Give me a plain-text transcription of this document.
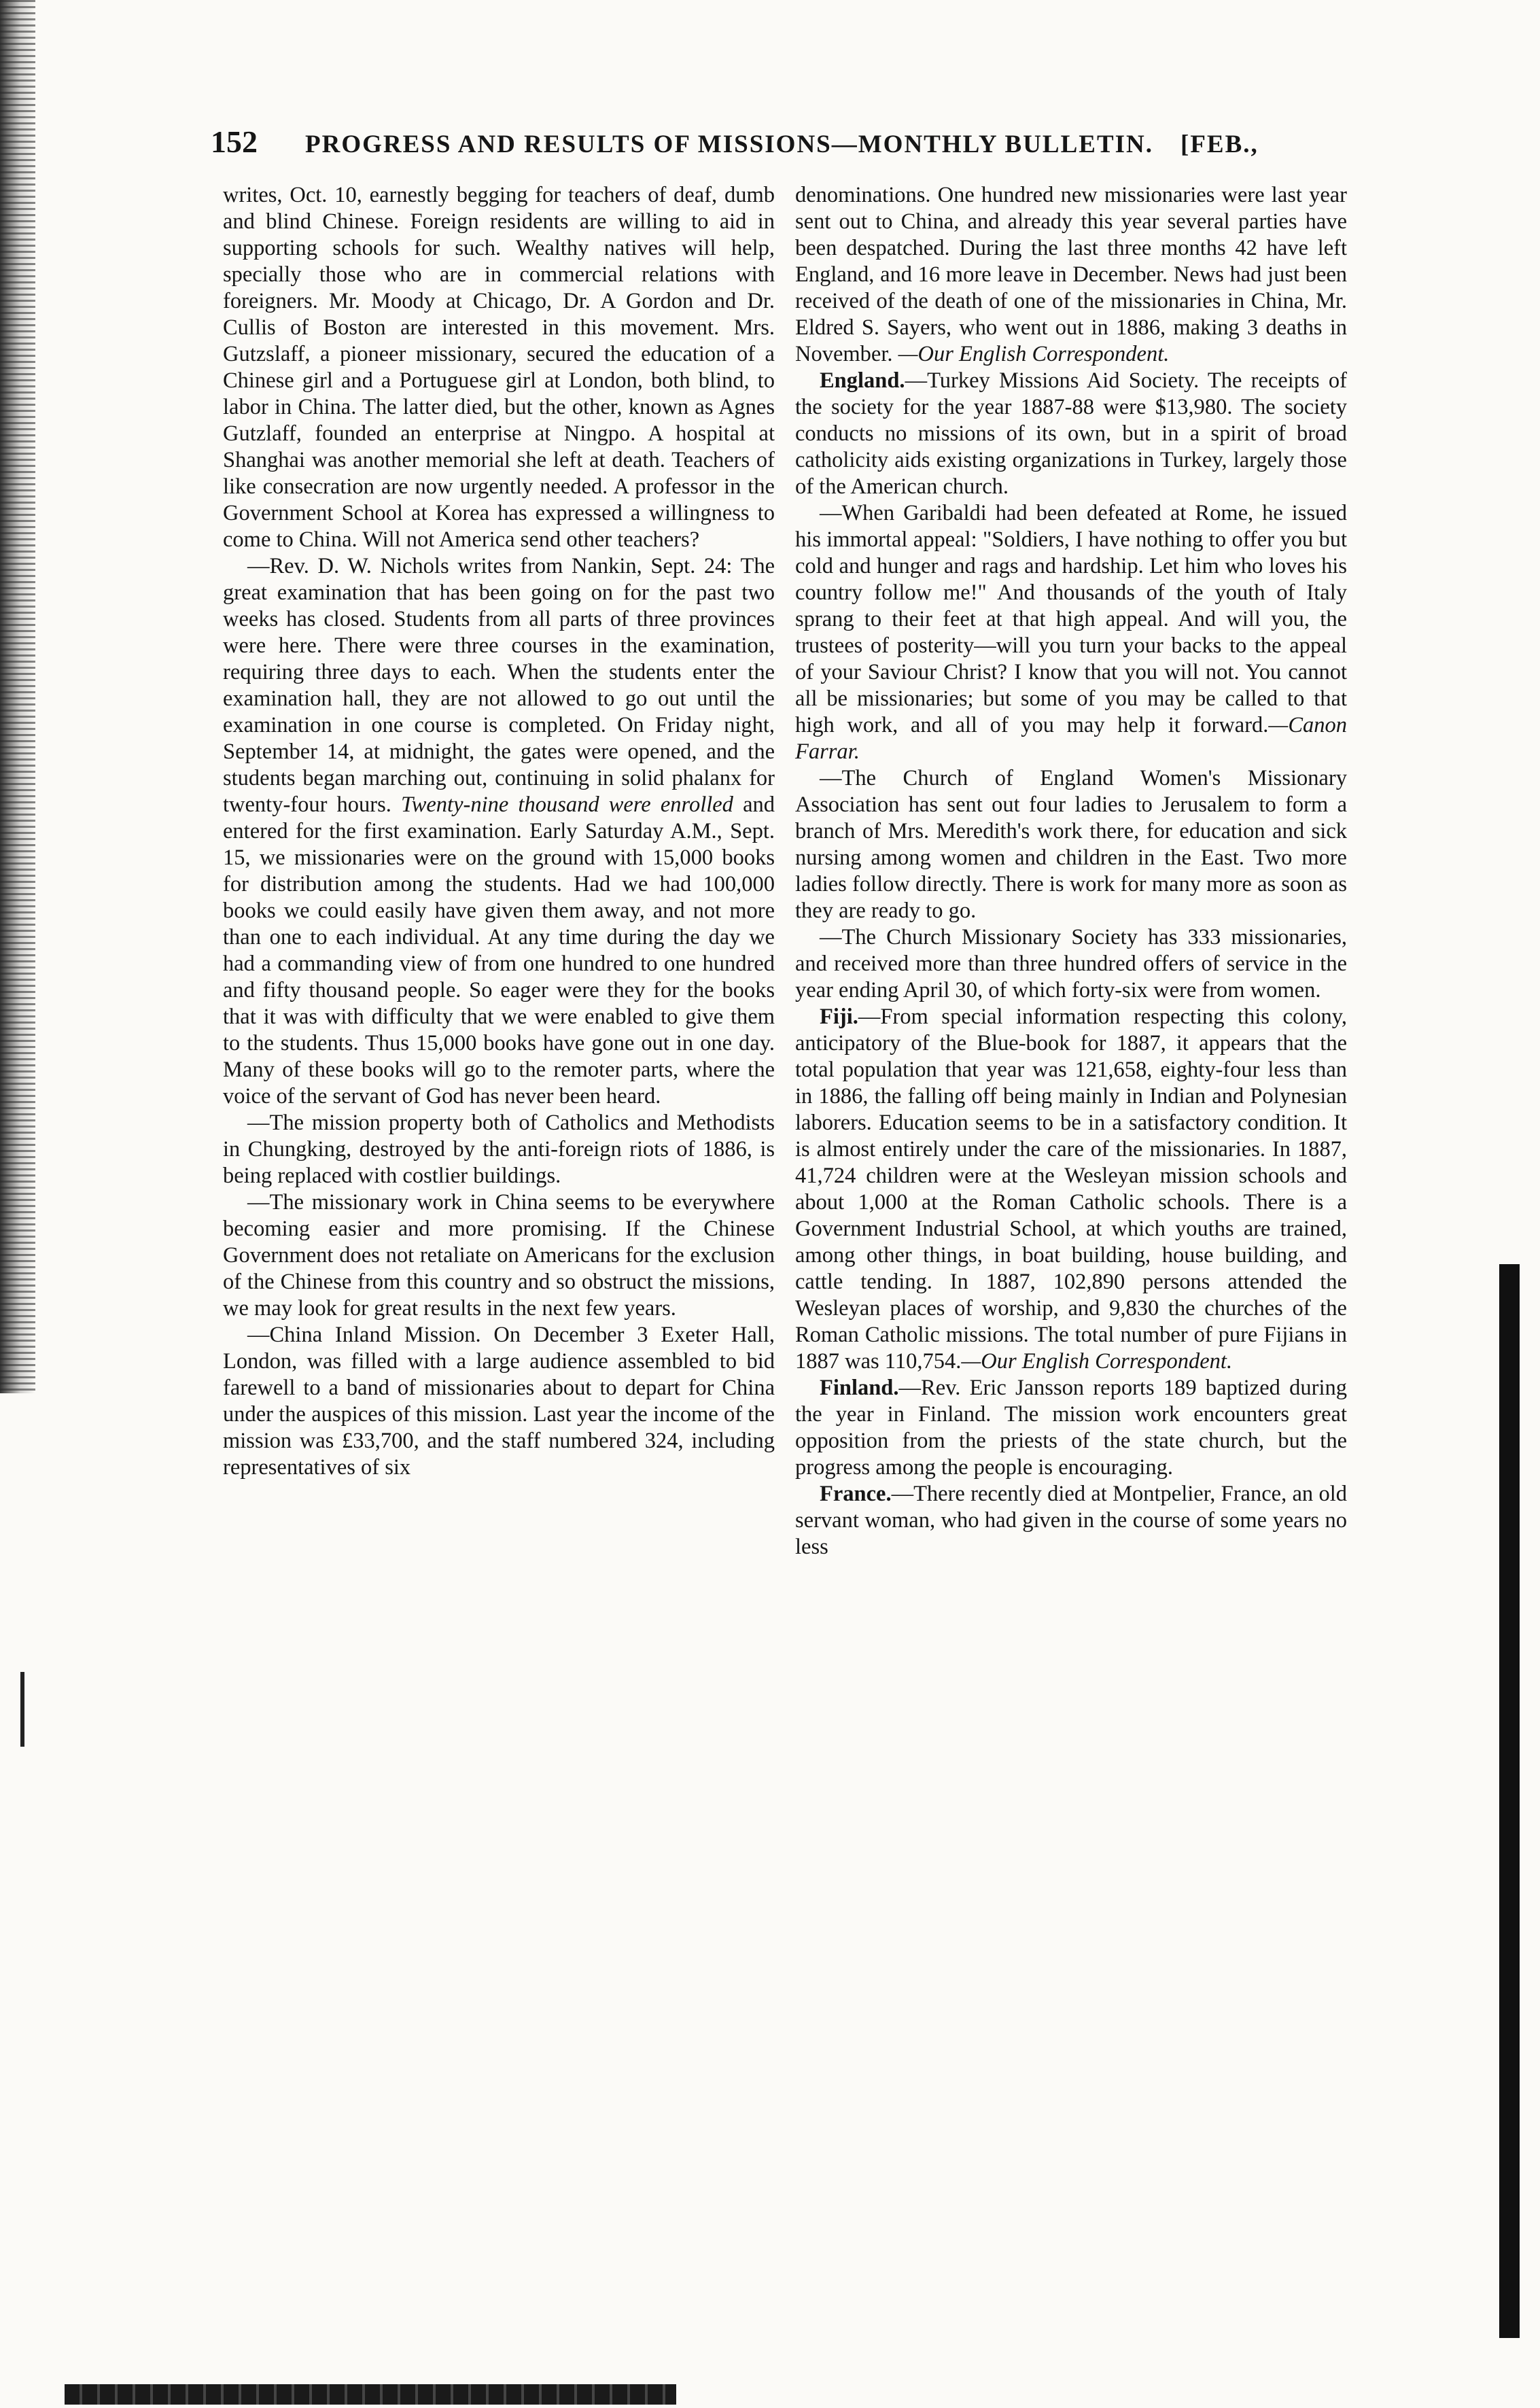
152 PROGRESS AND RESULTS OF MISSIONS—MONTHLY BULLETIN. [FEB.,

writes, Oct. 10, earnestly begging for teachers of deaf, dumb and blind Chinese. Foreign residents are willing to aid in supporting schools for such. Wealthy natives will help, specially those who are in commercial relations with foreigners. Mr. Moody at Chicago, Dr. A Gordon and Dr. Cullis of Boston are interested in this movement. Mrs. Gutzslaff, a pioneer missionary, secured the education of a Chinese girl and a Portuguese girl at London, both blind, to labor in China. The latter died, but the other, known as Agnes Gutzlaff, founded an enterprise at Ningpo. A hospital at Shanghai was another memorial she left at death. Teachers of like consecration are now urgently needed. A professor in the Government School at Korea has expressed a willingness to come to China. Will not America send other teachers?

—Rev. D. W. Nichols writes from Nankin, Sept. 24: The great examination that has been going on for the past two weeks has closed. Students from all parts of three provinces were here. There were three courses in the examination, requiring three days to each. When the students enter the examination hall, they are not allowed to go out until the examination in one course is completed. On Friday night, September 14, at midnight, the gates were opened, and the students began marching out, continuing in solid phalanx for twenty-four hours. Twenty-nine thousand were enrolled and entered for the first examination. Early Saturday A.M., Sept. 15, we missionaries were on the ground with 15,000 books for distribution among the students. Had we had 100,000 books we could easily have given them away, and not more than one to each individual. At any time during the day we had a commanding view of from one hundred to one hundred and fifty thousand people. So eager were they for the books that it was with difficulty that we were enabled to give them to the students. Thus 15,000 books have gone out in one day. Many of these books will go to the remoter parts, where the voice of the servant of God has never been heard.

—The mission property both of Catholics and Methodists in Chungking, destroyed by the anti-foreign riots of 1886, is being replaced with costlier buildings.

—The missionary work in China seems to be everywhere becoming easier and more promising. If the Chinese Government does not retaliate on Americans for the exclusion of the Chinese from this country and so obstruct the missions, we may look for great results in the next few years.

—China Inland Mission. On December 3 Exeter Hall, London, was filled with a large audience assembled to bid farewell to a band of missionaries about to depart for China under the auspices of this mission. Last year the income of the mission was £33,700, and the staff numbered 324, including representatives of six

denominations. One hundred new missionaries were last year sent out to China, and already this year several parties have been despatched. During the last three months 42 have left England, and 16 more leave in December. News had just been received of the death of one of the missionaries in China, Mr. Eldred S. Sayers, who went out in 1886, making 3 deaths in November. —Our English Correspondent.

England.—Turkey Missions Aid Society. The receipts of the society for the year 1887-88 were $13,980. The society conducts no missions of its own, but in a spirit of broad catholicity aids existing organizations in Turkey, largely those of the American church.

—When Garibaldi had been defeated at Rome, he issued his immortal appeal: "Soldiers, I have nothing to offer you but cold and hunger and rags and hardship. Let him who loves his country follow me!" And thousands of the youth of Italy sprang to their feet at that high appeal. And will you, the trustees of posterity—will you turn your backs to the appeal of your Saviour Christ? I know that you will not. You cannot all be missionaries; but some of you may be called to that high work, and all of you may help it forward.—Canon Farrar.

—The Church of England Women's Missionary Association has sent out four ladies to Jerusalem to form a branch of Mrs. Meredith's work there, for education and sick nursing among women and children in the East. Two more ladies follow directly. There is work for many more as soon as they are ready to go.

—The Church Missionary Society has 333 missionaries, and received more than three hundred offers of service in the year ending April 30, of which forty-six were from women.

Fiji.—From special information respecting this colony, anticipatory of the Blue-book for 1887, it appears that the total population that year was 121,658, eighty-four less than in 1886, the falling off being mainly in Indian and Polynesian laborers. Education seems to be in a satisfactory condition. It is almost entirely under the care of the missionaries. In 1887, 41,724 children were at the Wesleyan mission schools and about 1,000 at the Roman Catholic schools. There is a Government Industrial School, at which youths are trained, among other things, in boat building, house building, and cattle tending. In 1887, 102,890 persons attended the Wesleyan places of worship, and 9,830 the churches of the Roman Catholic missions. The total number of pure Fijians in 1887 was 110,754.—Our English Correspondent.

Finland.—Rev. Eric Jansson reports 189 baptized during the year in Finland. The mission work encounters great opposition from the priests of the state church, but the progress among the people is encouraging.

France.—There recently died at Montpelier, France, an old servant woman, who had given in the course of some years no less
